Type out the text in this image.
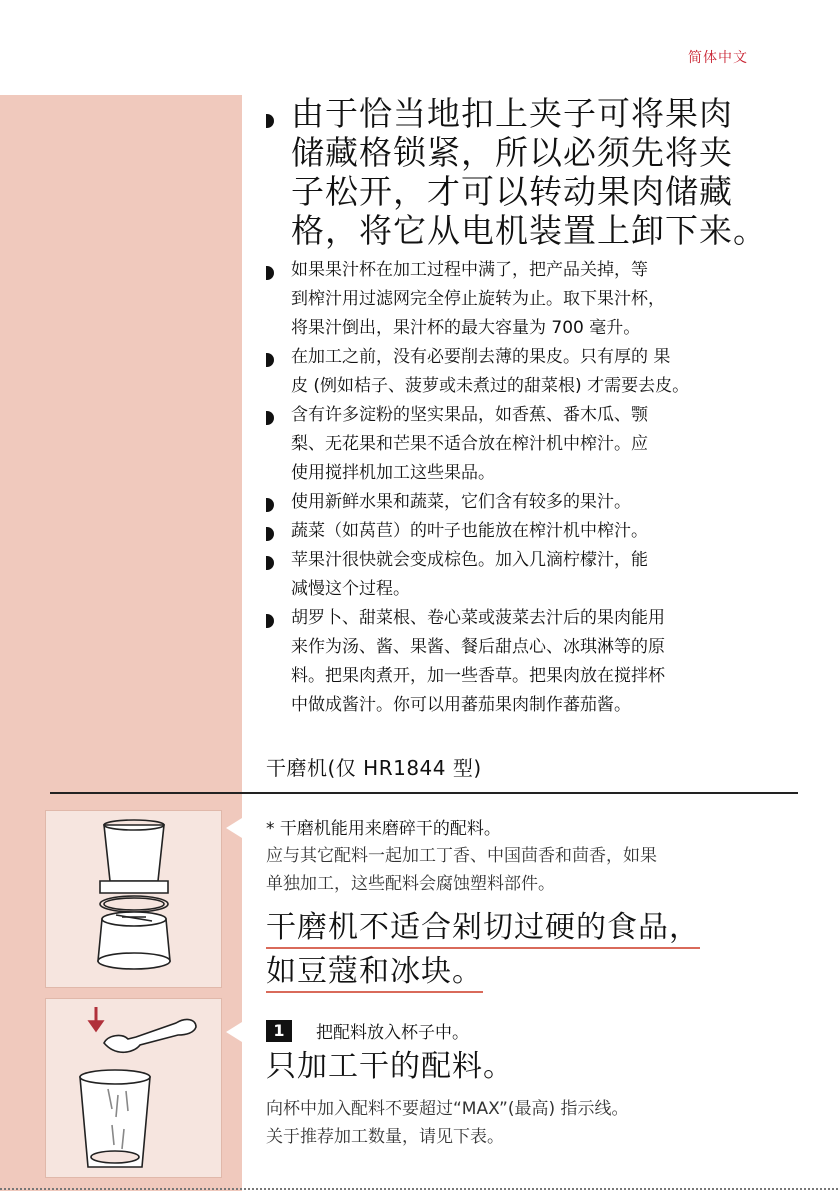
简体中文
由于恰当地扣上夹子可将果肉
储藏格锁紧，所以必须先将夹
子松开，才可以转动果肉储藏
格，将它从电机装置上卸下来。
如果果汁杯在加工过程中满了，把产品关掉，等
到榨汁用过滤网完全停止旋转为止。取下果汁杯，
将果汁倒出，果汁杯的最大容量为 700 毫升。
在加工之前，没有必要削去薄的果皮。只有厚的 果
皮 (例如桔子、菠萝或未煮过的甜菜根) 才需要去皮。
含有许多淀粉的坚实果品，如香蕉、番木瓜、颚
梨、无花果和芒果不适合放在榨汁机中榨汁。应
使用搅拌机加工这些果品。
使用新鲜水果和蔬菜，它们含有较多的果汁。
蔬菜（如莴苣）的叶子也能放在榨汁机中榨汁。
苹果汁很快就会变成棕色。加入几滴柠檬汁，能
减慢这个过程。
胡罗卜、甜菜根、卷心菜或菠菜去汁后的果肉能用
来作为汤、酱、果酱、餐后甜点心、冰琪淋等的原
料。把果肉煮开，加一些香草。把果肉放在搅拌杯
中做成酱汁。你可以用蕃茄果肉制作蕃茄酱。
干磨机(仅 HR1844 型)
* 干磨机能用来磨碎干的配料。
应与其它配料一起加工丁香、中国茴香和茴香，如果
单独加工，这些配料会腐蚀塑料部件。
干磨机不适合剁切过硬的食品，
如豆蔻和冰块。
1	把配料放入杯子中。
只加工干的配料。
向杯中加入配料不要超过“MAX”(最高) 指示线。
关于推荐加工数量，请见下表。
